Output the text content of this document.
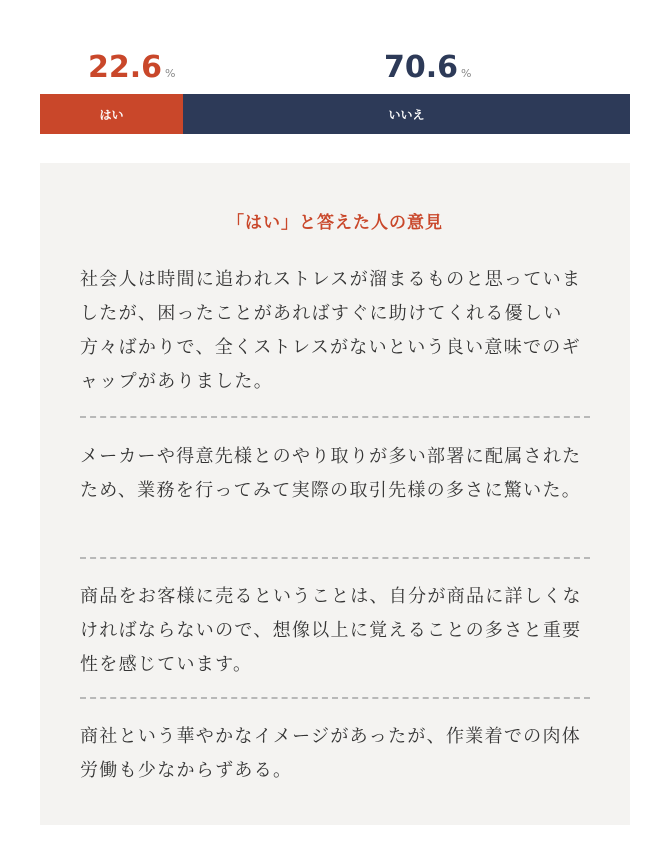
22.6 %	70.6 %
はい	いいえ
「はい」と答えた人の意見
社会人は時間に追われストレスが溜まるものと思っていましたが、困ったことがあればすぐに助けてくれる優しい方々ばかりで、全くストレスがないという良い意味でのギャップがありました。
メーカーや得意先様とのやり取りが多い部署に配属されたため、業務を行ってみて実際の取引先様の多さに驚いた。
商品をお客様に売るということは、自分が商品に詳しくなければならないので、想像以上に覚えることの多さと重要性を感じています。
商社という華やかなイメージがあったが、作業着での肉体労働も少なからずある。
